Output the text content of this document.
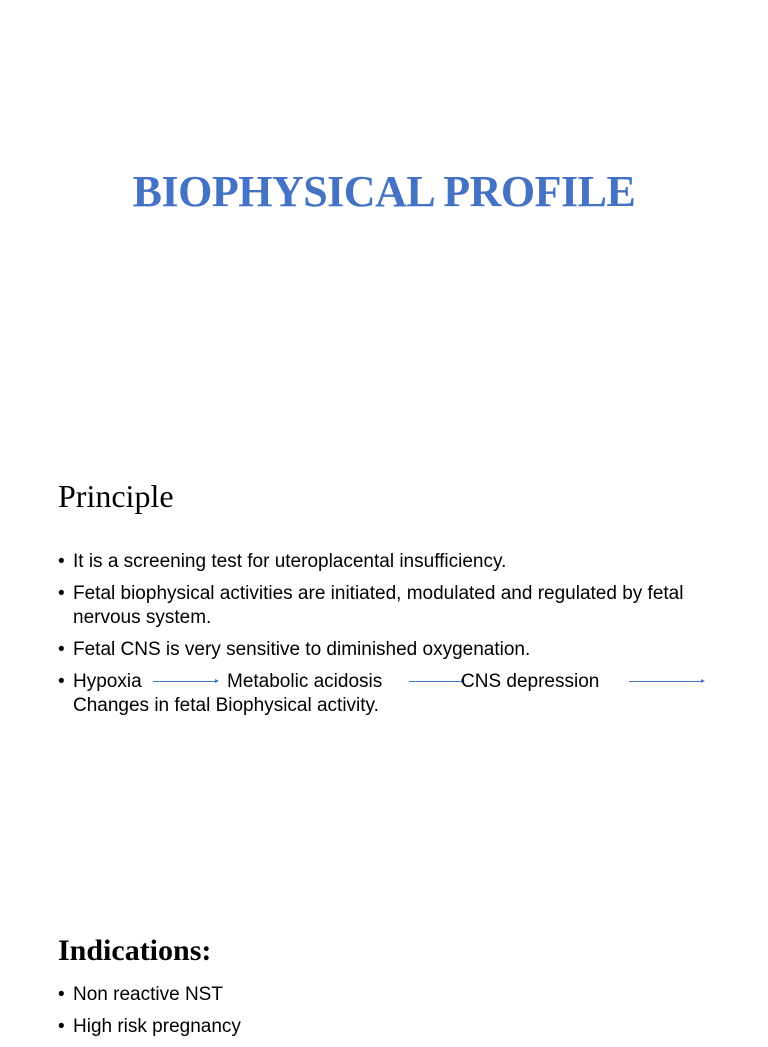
BIOPHYSICAL PROFILE
Principle
• It is a screening test for uteroplacental insufficiency.
• Fetal biophysical activities are initiated, modulated and regulated by fetal nervous system.
• Fetal CNS is very sensitive to diminished oxygenation.
• Hypoxia	Metabolic acidosis	CNS depression
Changes in fetal Biophysical activity.
Indications:
• Non reactive NST
• High risk pregnancy
